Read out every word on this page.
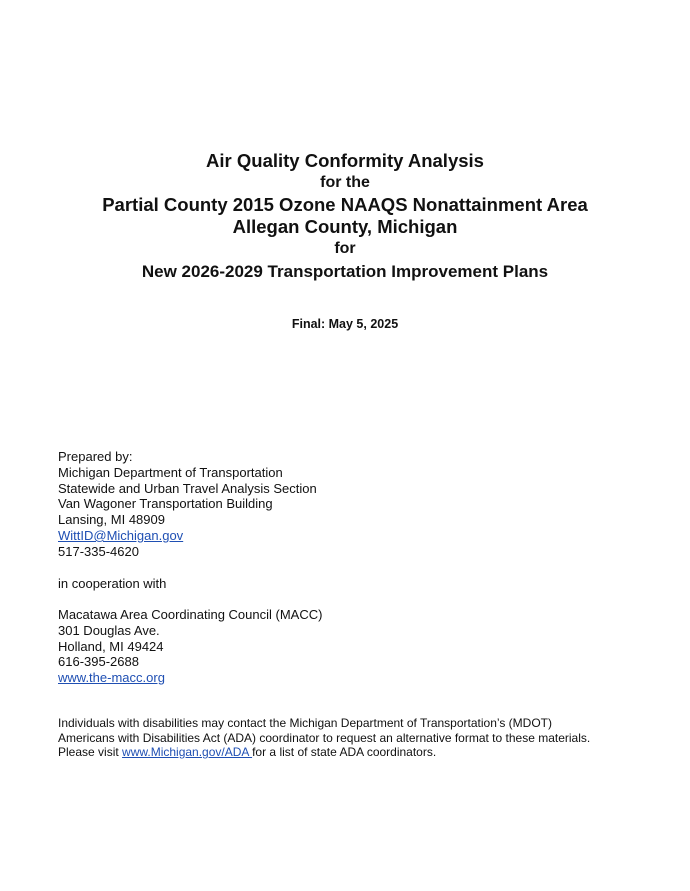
Air Quality Conformity Analysis
for the
Partial County 2015 Ozone NAAQS Nonattainment Area
Allegan County, Michigan
for
New 2026-2029 Transportation Improvement Plans
Final: May 5, 2025
Prepared by:
Michigan Department of Transportation
Statewide and Urban Travel Analysis Section
Van Wagoner Transportation Building
Lansing, MI 48909
WittID@Michigan.gov
517-335-4620
in cooperation with
Macatawa Area Coordinating Council (MACC)
301 Douglas Ave.
Holland, MI 49424
616-395-2688
www.the-macc.org
Individuals with disabilities may contact the Michigan Department of Transportation’s (MDOT)
Americans with Disabilities Act (ADA) coordinator to request an alternative format to these materials.
Please visit www.Michigan.gov/ADA for a list of state ADA coordinators.
